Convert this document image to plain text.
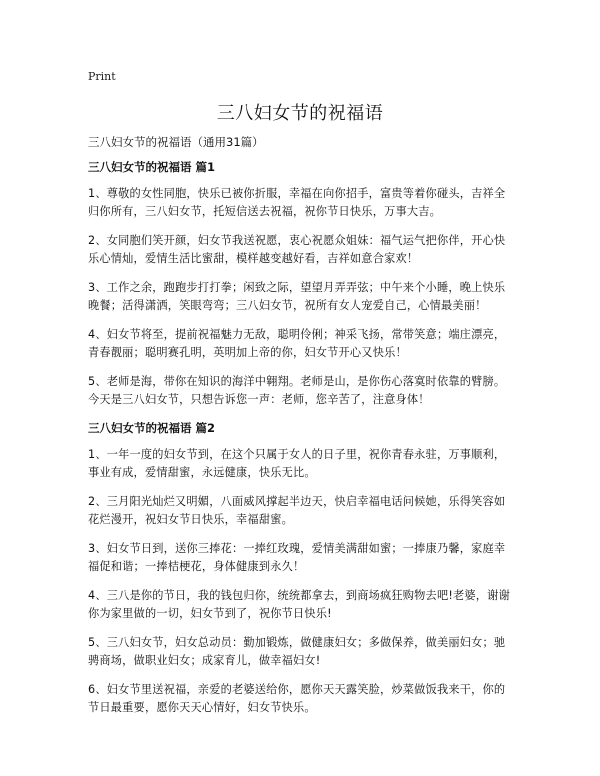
Print
三八妇女节的祝福语

三八妇女节的祝福语（通用31篇）

三八妇女节的祝福语 篇1

1、尊敬的女性同胞，快乐已被你折服，幸福在向你招手，富贵等着你碰头，吉祥全归你所有，三八妇女节，托短信送去祝福，祝你节日快乐，万事大吉。

2、女同胞们笑开颜，妇女节我送祝愿，衷心祝愿众姐妹：福气运气把你伴，开心快乐心情灿，爱情生活比蜜甜，模样越变越好看，吉祥如意合家欢！

3、工作之余，跑跑步打打拳；闲致之际，望望月弄弄弦；中午来个小睡，晚上快乐晚餐；活得潇洒，笑眼弯弯；三八妇女节，祝所有女人宠爱自己，心情最美丽！

4、妇女节将至，提前祝福魅力无敌，聪明伶俐；神采飞扬，常带笑意；端庄漂亮，青春靓丽；聪明赛孔明，英明加上帝的你，妇女节开心又快乐！

5、老师是海，带你在知识的海洋中翱翔。老师是山，是你伤心落寞时依靠的臂膀。今天是三八妇女节，只想告诉您一声：老师，您辛苦了，注意身体！

三八妇女节的祝福语 篇2

1、一年一度的妇女节到，在这个只属于女人的日子里，祝你青春永驻，万事顺利，事业有成，爱情甜蜜，永远健康，快乐无比。

2、三月阳光灿烂又明媚，八面威风撑起半边天，快启幸福电话问候她，乐得笑容如花烂漫开，祝妇女节日快乐，幸福甜蜜。

3、妇女节日到，送你三捧花：一捧红玫瑰，爱情美满甜如蜜；一捧康乃馨，家庭幸福促和谐；一捧桔梗花，身体健康到永久！

4、三八是你的节日，我的钱包归你，统统都拿去，到商场疯狂购物去吧!老婆，谢谢你为家里做的一切，妇女节到了，祝你节日快乐!

5、三八妇女节，妇女总动员：勤加锻炼，做健康妇女；多做保养，做美丽妇女；驰骋商场，做职业妇女；成家育儿，做幸福妇女!

6、妇女节里送祝福，亲爱的老婆送给你，愿你天天露笑脸，炒菜做饭我来干，你的节日最重要，愿你天天心情好，妇女节快乐。
